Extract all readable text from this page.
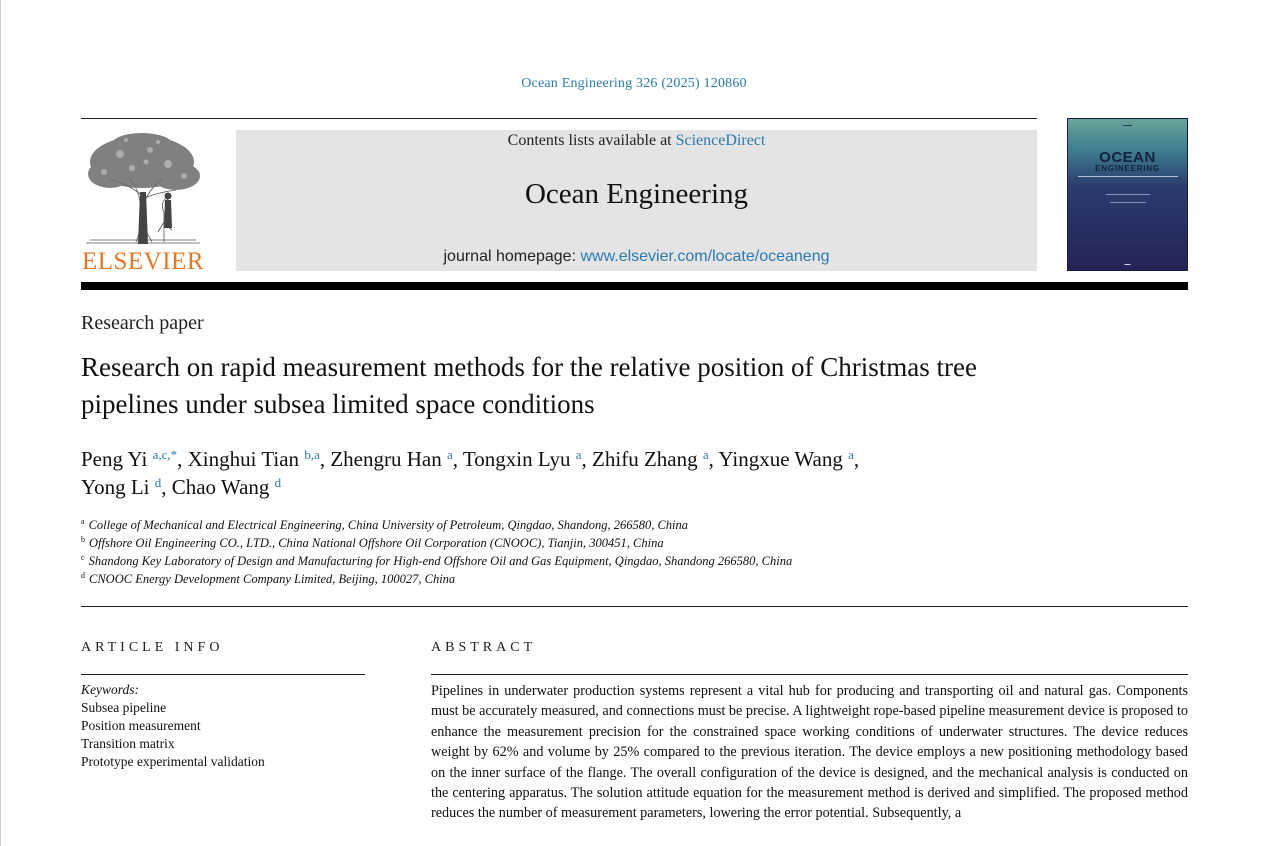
Ocean Engineering 326 (2025) 120860
ELSEVIER
Contents lists available at ScienceDirect
Ocean Engineering
journal homepage: www.elsevier.com/locate/oceaneng
▬▬▬
OCEAN
ENGINEERING
▬▬
Research paper
Research on rapid measurement methods for the relative position of Christmas tree pipelines under subsea limited space conditions
Peng Yi $^{a,c,*}$, Xinghui Tian $^{b,a}$, Zhengru Han $^a$, Tongxin Lyu $^a$, Zhifu Zhang $^a$, Yingxue Wang $^a$,
Yong Li $^d$, Chao Wang $^d$
$^a$ College of Mechanical and Electrical Engineering, China University of Petroleum, Qingdao, Shandong, 266580, China
$^b$ Offshore Oil Engineering CO., LTD., China National Offshore Oil Corporation (CNOOC), Tianjin, 300451, China
$^c$ Shandong Key Laboratory of Design and Manufacturing for High-end Offshore Oil and Gas Equipment, Qingdao, Shandong 266580, China
$^d$ CNOOC Energy Development Company Limited, Beijing, 100027, China
ARTICLE INFO	ABSTRACT
Keywords:
Subsea pipeline
Position measurement
Transition matrix
Prototype experimental validation
Pipelines in underwater production systems represent a vital hub for producing and transporting oil and natural gas. Components must be accurately measured, and connections must be precise. A lightweight rope-based pipeline measurement device is proposed to enhance the measurement precision for the constrained space working conditions of underwater structures. The device reduces weight by 62% and volume by 25% compared to the previous iteration. The device employs a new positioning methodology based on the inner surface of the flange. The overall configuration of the device is designed, and the mechanical analysis is conducted on the centering apparatus. The solution attitude equation for the measurement method is derived and simplified. The proposed method reduces the number of measurement parameters, lowering the error potential. Subsequently, a
